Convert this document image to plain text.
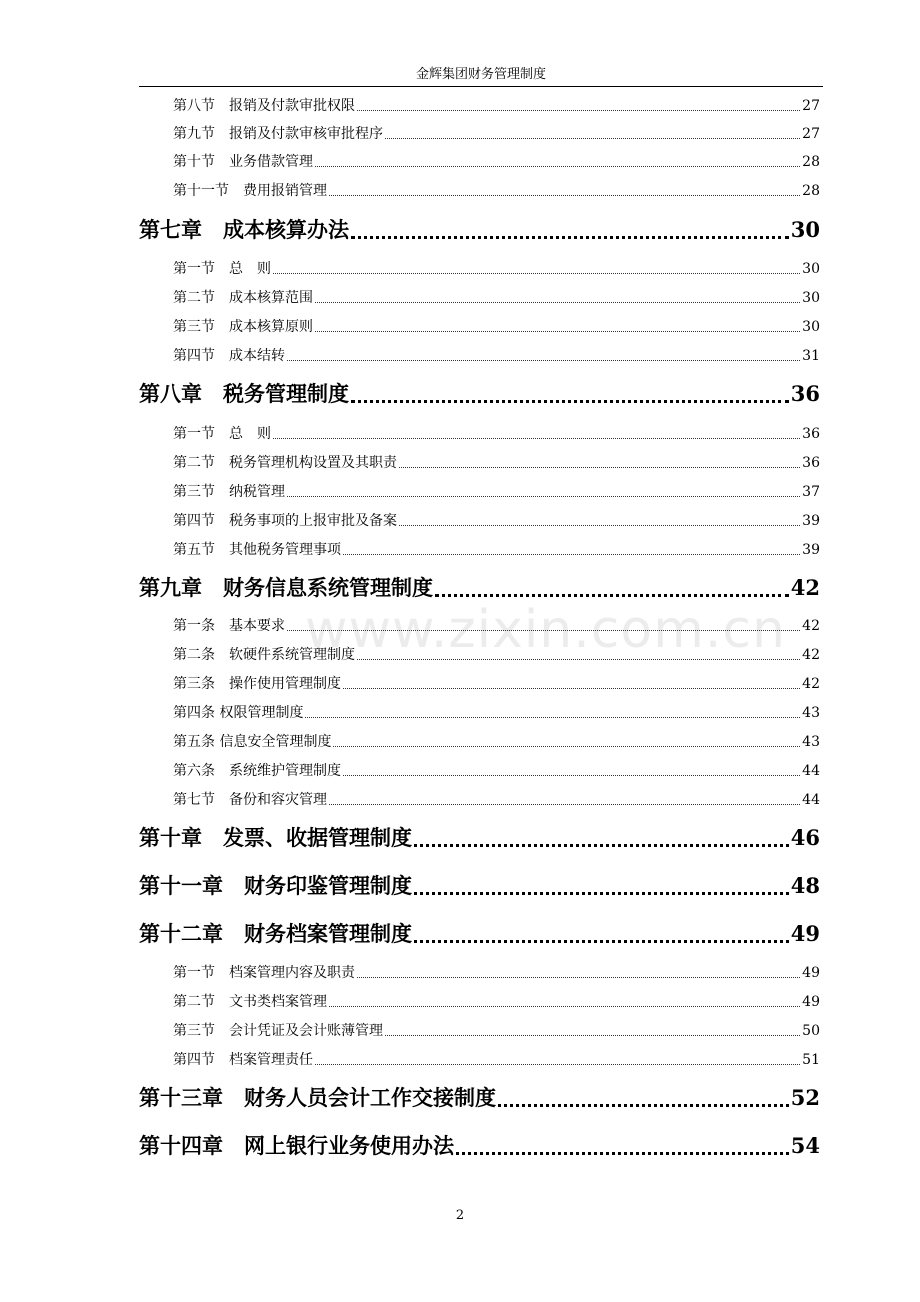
金辉集团财务管理制度
www.zixin.com.cn
第八节　报销及付款审批权限	27
第九节　报销及付款审核审批程序	27
第十节　业务借款管理	28
第十一节　费用报销管理	28
第七章　成本核算办法	30
第一节　总　则	30
第二节　成本核算范围	30
第三节　成本核算原则	30
第四节　成本结转	31
第八章　税务管理制度	36
第一节　总　则	36
第二节　税务管理机构设置及其职责	36
第三节　纳税管理	37
第四节　税务事项的上报审批及备案	39
第五节　其他税务管理事项	39
第九章　财务信息系统管理制度	42
第一条　基本要求	42
第二条　软硬件系统管理制度	42
第三条　操作使用管理制度	42
第四条 权限管理制度	43
第五条 信息安全管理制度	43
第六条　系统维护管理制度	44
第七节　备份和容灾管理	44
第十章　发票、收据管理制度	46
第十一章　财务印鉴管理制度	48
第十二章　财务档案管理制度	49
第一节　档案管理内容及职责	49
第二节　文书类档案管理	49
第三节　会计凭证及会计账薄管理	50
第四节　档案管理责任	51
第十三章　财务人员会计工作交接制度	52
第十四章　网上银行业务使用办法	54
2
